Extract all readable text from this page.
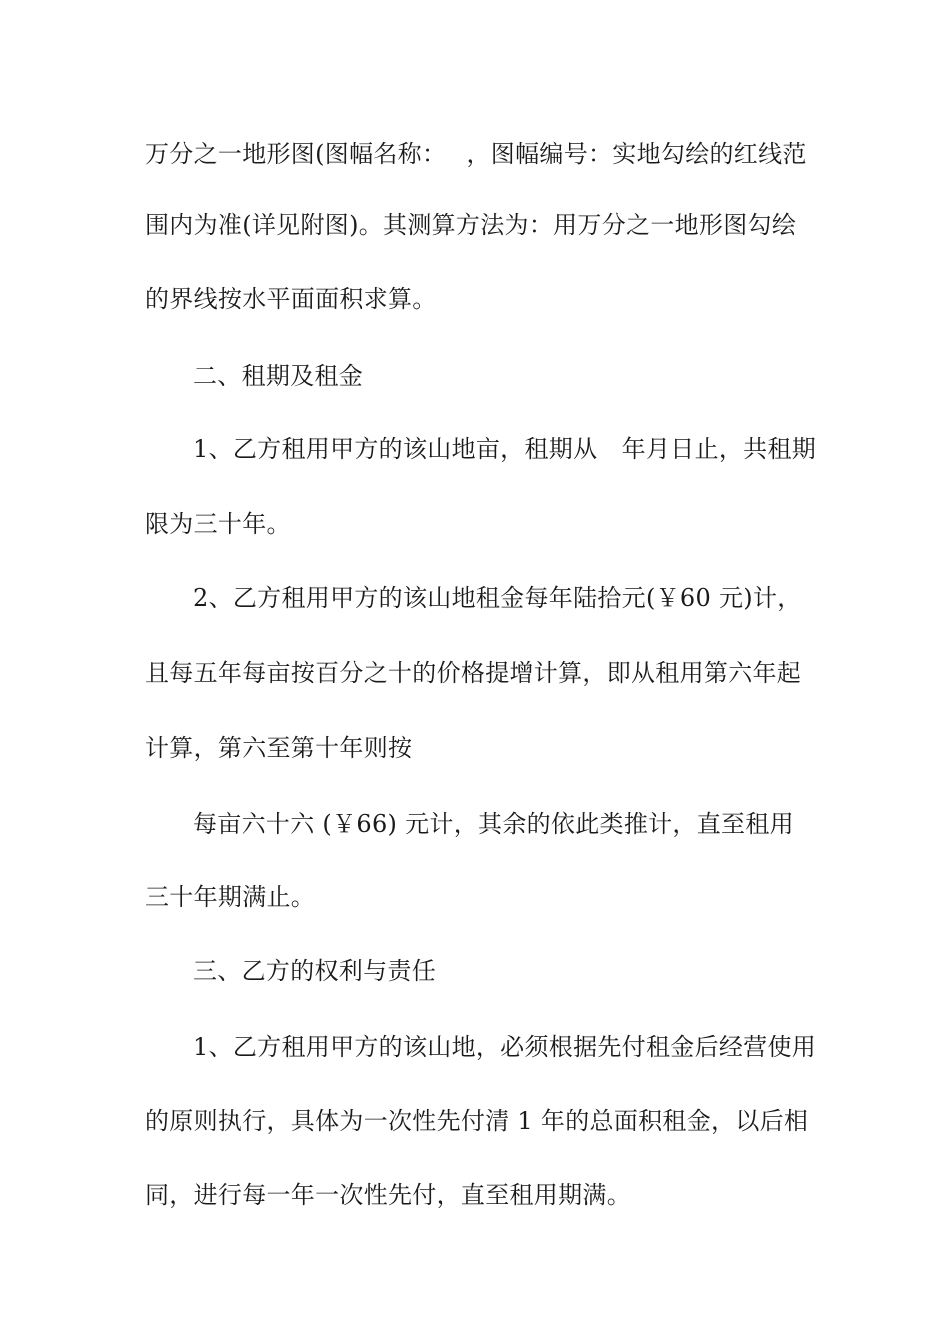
万分之一地形图(图幅名称：　 ，图幅编号：实地勾绘的红线范
围内为准(详见附图)。其测算方法为：用万分之一地形图勾绘
的界线按水平面面积求算。
二、租期及租金
1、乙方租用甲方的该山地亩，租期从　年月日止，共租期
限为三十年。
2、乙方租用甲方的该山地租金每年陆拾元(￥60 元)计，
且每五年每亩按百分之十的价格提增计算，即从租用第六年起
计算，第六至第十年则按
每亩六十六 (￥66) 元计，其余的依此类推计，直至租用
三十年期满止。
三、乙方的权利与责任
1、乙方租用甲方的该山地，必须根据先付租金后经营使用
的原则执行，具体为一次性先付清 1 年的总面积租金，以后相
同，进行每一年一次性先付，直至租用期满。
